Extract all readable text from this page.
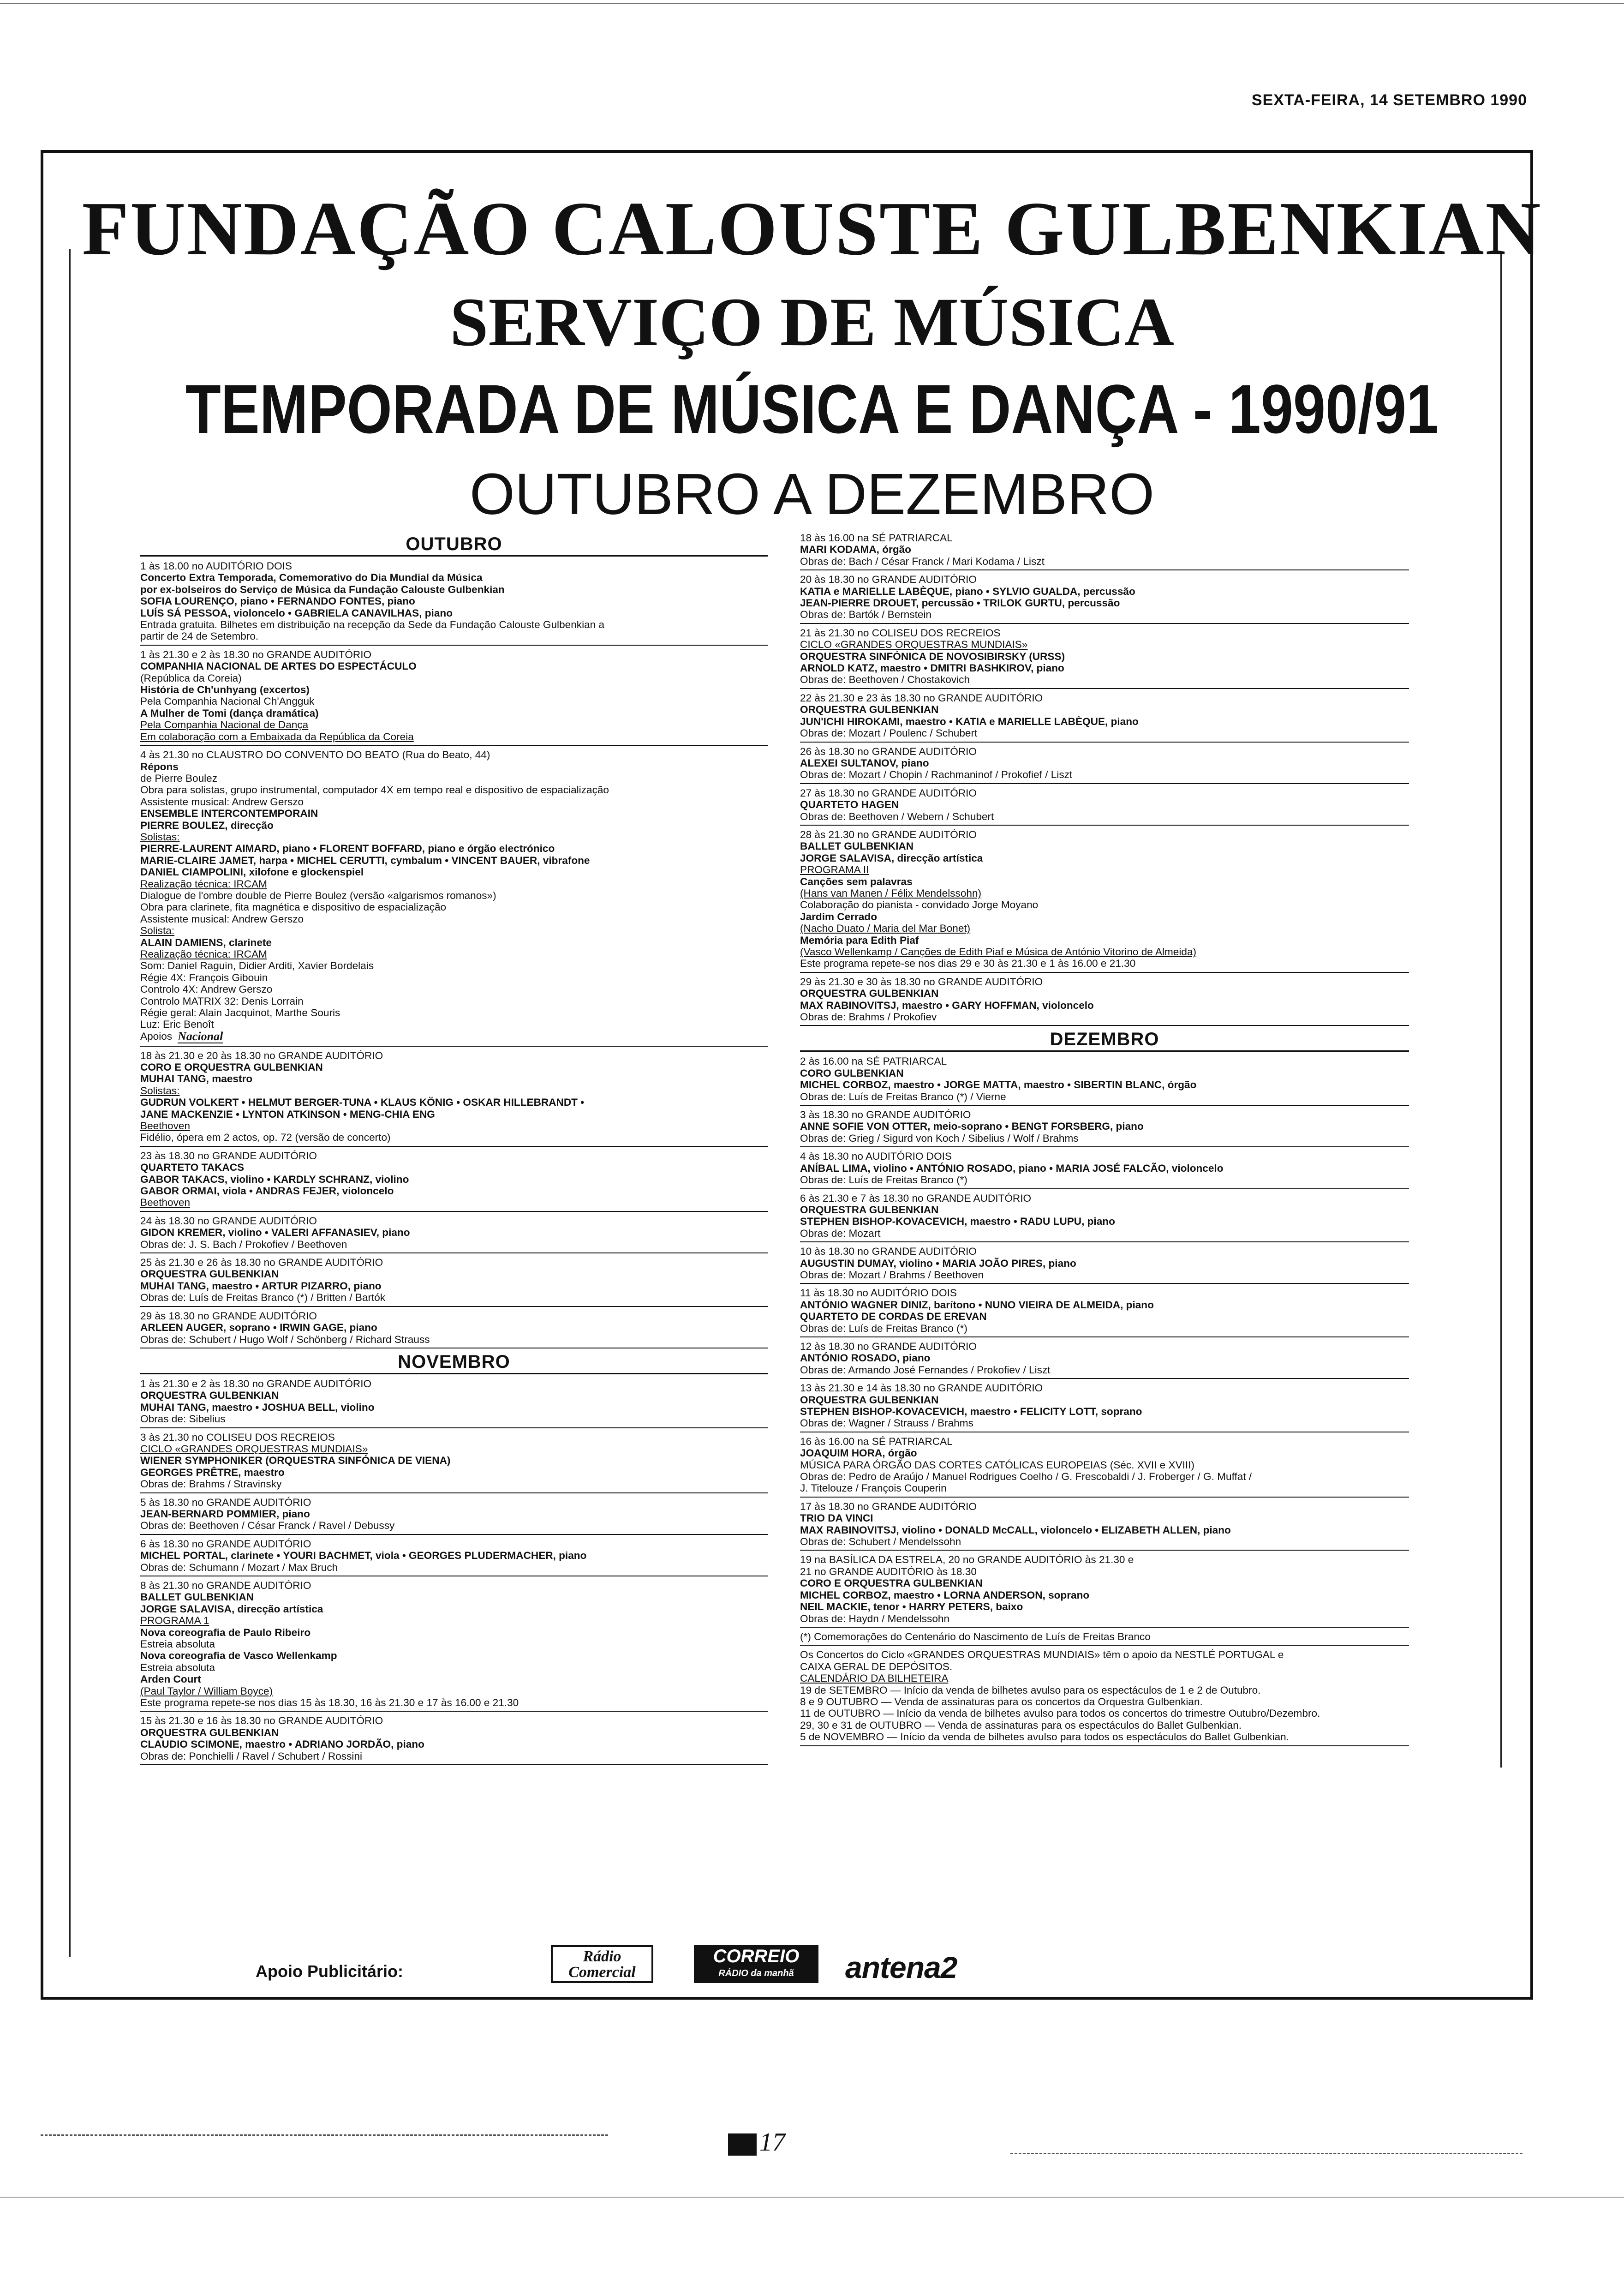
SEXTA-FEIRA, 14 SETEMBRO 1990
FUNDAÇÃO CALOUSTE GULBENKIAN
SERVIÇO DE MÚSICA
TEMPORADA DE MÚSICA E DANÇA - 1990/91
OUTUBRO A DEZEMBRO
OUTUBRO
1 às 18.00 no AUDITÓRIO DOIS
Concerto Extra Temporada, Comemorativo do Dia Mundial da Música
por ex-bolseiros do Serviço de Música da Fundação Calouste Gulbenkian
SOFIA LOURENÇO, piano • FERNANDO FONTES, piano
LUÍS SÁ PESSOA, violoncelo • GABRIELA CANAVILHAS, piano
Entrada gratuita. Bilhetes em distribuição na recepção da Sede da Fundação Calouste Gulbenkian a
partir de 24 de Setembro.
1 às 21.30 e 2 às 18.30 no GRANDE AUDITÓRIO
COMPANHIA NACIONAL DE ARTES DO ESPECTÁCULO
(República da Coreia)
História de Ch'unhyang (excertos)
Pela Companhia Nacional Ch'Angguk
A Mulher de Tomi (dança dramática)
Pela Companhia Nacional de Dança
Em colaboração com a Embaixada da República da Coreia
4 às 21.30 no CLAUSTRO DO CONVENTO DO BEATO (Rua do Beato, 44)
Répons
de Pierre Boulez
Obra para solistas, grupo instrumental, computador 4X em tempo real e dispositivo de espacialização
Assistente musical: Andrew Gerszo
ENSEMBLE INTERCONTEMPORAIN
PIERRE BOULEZ, direcção
Solistas:
PIERRE-LAURENT AIMARD, piano • FLORENT BOFFARD, piano e órgão electrónico
MARIE-CLAIRE JAMET, harpa • MICHEL CERUTTI, cymbalum • VINCENT BAUER, vibrafone
DANIEL CIAMPOLINI, xilofone e glockenspiel
Realização técnica: IRCAM
Dialogue de l'ombre double de Pierre Boulez (versão «algarismos romanos»)
Obra para clarinete, fita magnética e dispositivo de espacialização
Assistente musical: Andrew Gerszo
Solista:
ALAIN DAMIENS, clarinete
Realização técnica: IRCAM
Som: Daniel Raguin, Didier Arditi, Xavier Bordelais
Régie 4X: François Gibouin
Controlo 4X: Andrew Gerszo
Controlo MATRIX 32: Denis Lorrain
Régie geral: Alain Jacquinot, Marthe Souris
Luz: Eric Benoît
Apoios Nacional
18 às 21.30 e 20 às 18.30 no GRANDE AUDITÓRIO
CORO E ORQUESTRA GULBENKIAN
MUHAI TANG, maestro
Solistas:
GUDRUN VOLKERT • HELMUT BERGER-TUNA • KLAUS KÖNIG • OSKAR HILLEBRANDT •
JANE MACKENZIE • LYNTON ATKINSON • MENG-CHIA ENG
Beethoven
Fidélio, ópera em 2 actos, op. 72 (versão de concerto)
23 às 18.30 no GRANDE AUDITÓRIO
QUARTETO TAKACS
GABOR TAKACS, violino • KARDLY SCHRANZ, violino
GABOR ORMAI, viola • ANDRAS FEJER, violoncelo
Beethoven
24 às 18.30 no GRANDE AUDITÓRIO
GIDON KREMER, violino • VALERI AFFANASIEV, piano
Obras de: J. S. Bach / Prokofiev / Beethoven
25 às 21.30 e 26 às 18.30 no GRANDE AUDITÓRIO
ORQUESTRA GULBENKIAN
MUHAI TANG, maestro • ARTUR PIZARRO, piano
Obras de: Luís de Freitas Branco (*) / Britten / Bartók
29 às 18.30 no GRANDE AUDITÓRIO
ARLEEN AUGER, soprano • IRWIN GAGE, piano
Obras de: Schubert / Hugo Wolf / Schönberg / Richard Strauss
NOVEMBRO
1 às 21.30 e 2 às 18.30 no GRANDE AUDITÓRIO
ORQUESTRA GULBENKIAN
MUHAI TANG, maestro • JOSHUA BELL, violino
Obras de: Sibelius
3 às 21.30 no COLISEU DOS RECREIOS
CICLO «GRANDES ORQUESTRAS MUNDIAIS»
WIENER SYMPHONIKER (ORQUESTRA SINFÓNICA DE VIENA)
GEORGES PRÊTRE, maestro
Obras de: Brahms / Stravinsky
5 às 18.30 no GRANDE AUDITÓRIO
JEAN-BERNARD POMMIER, piano
Obras de: Beethoven / César Franck / Ravel / Debussy
6 às 18.30 no GRANDE AUDITÓRIO
MICHEL PORTAL, clarinete • YOURI BACHMET, viola • GEORGES PLUDERMACHER, piano
Obras de: Schumann / Mozart / Max Bruch
8 às 21.30 no GRANDE AUDITÓRIO
BALLET GULBENKIAN
JORGE SALAVISA, direcção artística
PROGRAMA 1
Nova coreografia de Paulo Ribeiro
Estreia absoluta
Nova coreografia de Vasco Wellenkamp
Estreia absoluta
Arden Court
(Paul Taylor / William Boyce)
Este programa repete-se nos dias 15 às 18.30, 16 às 21.30 e 17 às 16.00 e 21.30
15 às 21.30 e 16 às 18.30 no GRANDE AUDITÓRIO
ORQUESTRA GULBENKIAN
CLAUDIO SCIMONE, maestro • ADRIANO JORDÃO, piano
Obras de: Ponchielli / Ravel / Schubert / Rossini
18 às 16.00 na SÉ PATRIARCAL
MARI KODAMA, órgão
Obras de: Bach / César Franck / Mari Kodama / Liszt
20 às 18.30 no GRANDE AUDITÓRIO
KATIA e MARIELLE LABÈQUE, piano • SYLVIO GUALDA, percussão
JEAN-PIERRE DROUET, percussão • TRILOK GURTU, percussão
Obras de: Bartók / Bernstein
21 às 21.30 no COLISEU DOS RECREIOS
CICLO «GRANDES ORQUESTRAS MUNDIAIS»
ORQUESTRA SINFÓNICA DE NOVOSIBIRSKY (URSS)
ARNOLD KATZ, maestro • DMITRI BASHKIROV, piano
Obras de: Beethoven / Chostakovich
22 às 21.30 e 23 às 18.30 no GRANDE AUDITÓRIO
ORQUESTRA GULBENKIAN
JUN'ICHI HIROKAMI, maestro • KATIA e MARIELLE LABÈQUE, piano
Obras de: Mozart / Poulenc / Schubert
26 às 18.30 no GRANDE AUDITÓRIO
ALEXEI SULTANOV, piano
Obras de: Mozart / Chopin / Rachmaninof / Prokofief / Liszt
27 às 18.30 no GRANDE AUDITÓRIO
QUARTETO HAGEN
Obras de: Beethoven / Webern / Schubert
28 às 21.30 no GRANDE AUDITÓRIO
BALLET GULBENKIAN
JORGE SALAVISA, direcção artística
PROGRAMA II
Canções sem palavras
(Hans van Manen / Félix Mendelssohn)
Colaboração do pianista - convidado Jorge Moyano
Jardim Cerrado
(Nacho Duato / Maria del Mar Bonet)
Memória para Edith Piaf
(Vasco Wellenkamp / Canções de Edith Piaf e Música de António Vitorino de Almeida)
Este programa repete-se nos dias 29 e 30 às 21.30 e 1 às 16.00 e 21.30
29 às 21.30 e 30 às 18.30 no GRANDE AUDITÓRIO
ORQUESTRA GULBENKIAN
MAX RABINOVITSJ, maestro • GARY HOFFMAN, violoncelo
Obras de: Brahms / Prokofiev
DEZEMBRO
2 às 16.00 na SÉ PATRIARCAL
CORO GULBENKIAN
MICHEL CORBOZ, maestro • JORGE MATTA, maestro • SIBERTIN BLANC, órgão
Obras de: Luís de Freitas Branco (*) / Vierne
3 às 18.30 no GRANDE AUDITÓRIO
ANNE SOFIE VON OTTER, meio-soprano • BENGT FORSBERG, piano
Obras de: Grieg / Sigurd von Koch / Sibelius / Wolf / Brahms
4 às 18.30 no AUDITÓRIO DOIS
ANÍBAL LIMA, violino • ANTÓNIO ROSADO, piano • MARIA JOSÉ FALCÃO, violoncelo
Obras de: Luís de Freitas Branco (*)
6 às 21.30 e 7 às 18.30 no GRANDE AUDITÓRIO
ORQUESTRA GULBENKIAN
STEPHEN BISHOP-KOVACEVICH, maestro • RADU LUPU, piano
Obras de: Mozart
10 às 18.30 no GRANDE AUDITÓRIO
AUGUSTIN DUMAY, violino • MARIA JOÃO PIRES, piano
Obras de: Mozart / Brahms / Beethoven
11 às 18.30 no AUDITÓRIO DOIS
ANTÓNIO WAGNER DINIZ, barítono • NUNO VIEIRA DE ALMEIDA, piano
QUARTETO DE CORDAS DE EREVAN
Obras de: Luís de Freitas Branco (*)
12 às 18.30 no GRANDE AUDITÓRIO
ANTÓNIO ROSADO, piano
Obras de: Armando José Fernandes / Prokofiev / Liszt
13 às 21.30 e 14 às 18.30 no GRANDE AUDITÓRIO
ORQUESTRA GULBENKIAN
STEPHEN BISHOP-KOVACEVICH, maestro • FELICITY LOTT, soprano
Obras de: Wagner / Strauss / Brahms
16 às 16.00 na SÉ PATRIARCAL
JOAQUIM HORA, órgão
MÚSICA PARA ÓRGÃO DAS CORTES CATÓLICAS EUROPEIAS (Séc. XVII e XVIII)
Obras de: Pedro de Araújo / Manuel Rodrigues Coelho / G. Frescobaldi / J. Froberger / G. Muffat /
J. Titelouze / François Couperin
17 às 18.30 no GRANDE AUDITÓRIO
TRIO DA VINCI
MAX RABINOVITSJ, violino • DONALD McCALL, violoncelo • ELIZABETH ALLEN, piano
Obras de: Schubert / Mendelssohn
19 na BASÍLICA DA ESTRELA, 20 no GRANDE AUDITÓRIO às 21.30 e
21 no GRANDE AUDITÓRIO às 18.30
CORO E ORQUESTRA GULBENKIAN
MICHEL CORBOZ, maestro • LORNA ANDERSON, soprano
NEIL MACKIE, tenor • HARRY PETERS, baixo
Obras de: Haydn / Mendelssohn
(*) Comemorações do Centenário do Nascimento de Luís de Freitas Branco
Os Concertos do Ciclo «GRANDES ORQUESTRAS MUNDIAIS» têm o apoio da NESTLÉ PORTUGAL e
CAIXA GERAL DE DEPÓSITOS.
CALENDÁRIO DA BILHETEIRA
19 de SETEMBRO — Início da venda de bilhetes avulso para os espectáculos de 1 e 2 de Outubro.
8 e 9 OUTUBRO — Venda de assinaturas para os concertos da Orquestra Gulbenkian.
11 de OUTUBRO — Início da venda de bilhetes avulso para todos os concertos do trimestre Outubro/Dezembro.
29, 30 e 31 de OUTUBRO — Venda de assinaturas para os espectáculos do Ballet Gulbenkian.
5 de NOVEMBRO — Início da venda de bilhetes avulso para todos os espectáculos do Ballet Gulbenkian.
Apoio Publicitário:
Rádio
Comercial
CORREIO
RÁDIO da manhã	antena2
17
